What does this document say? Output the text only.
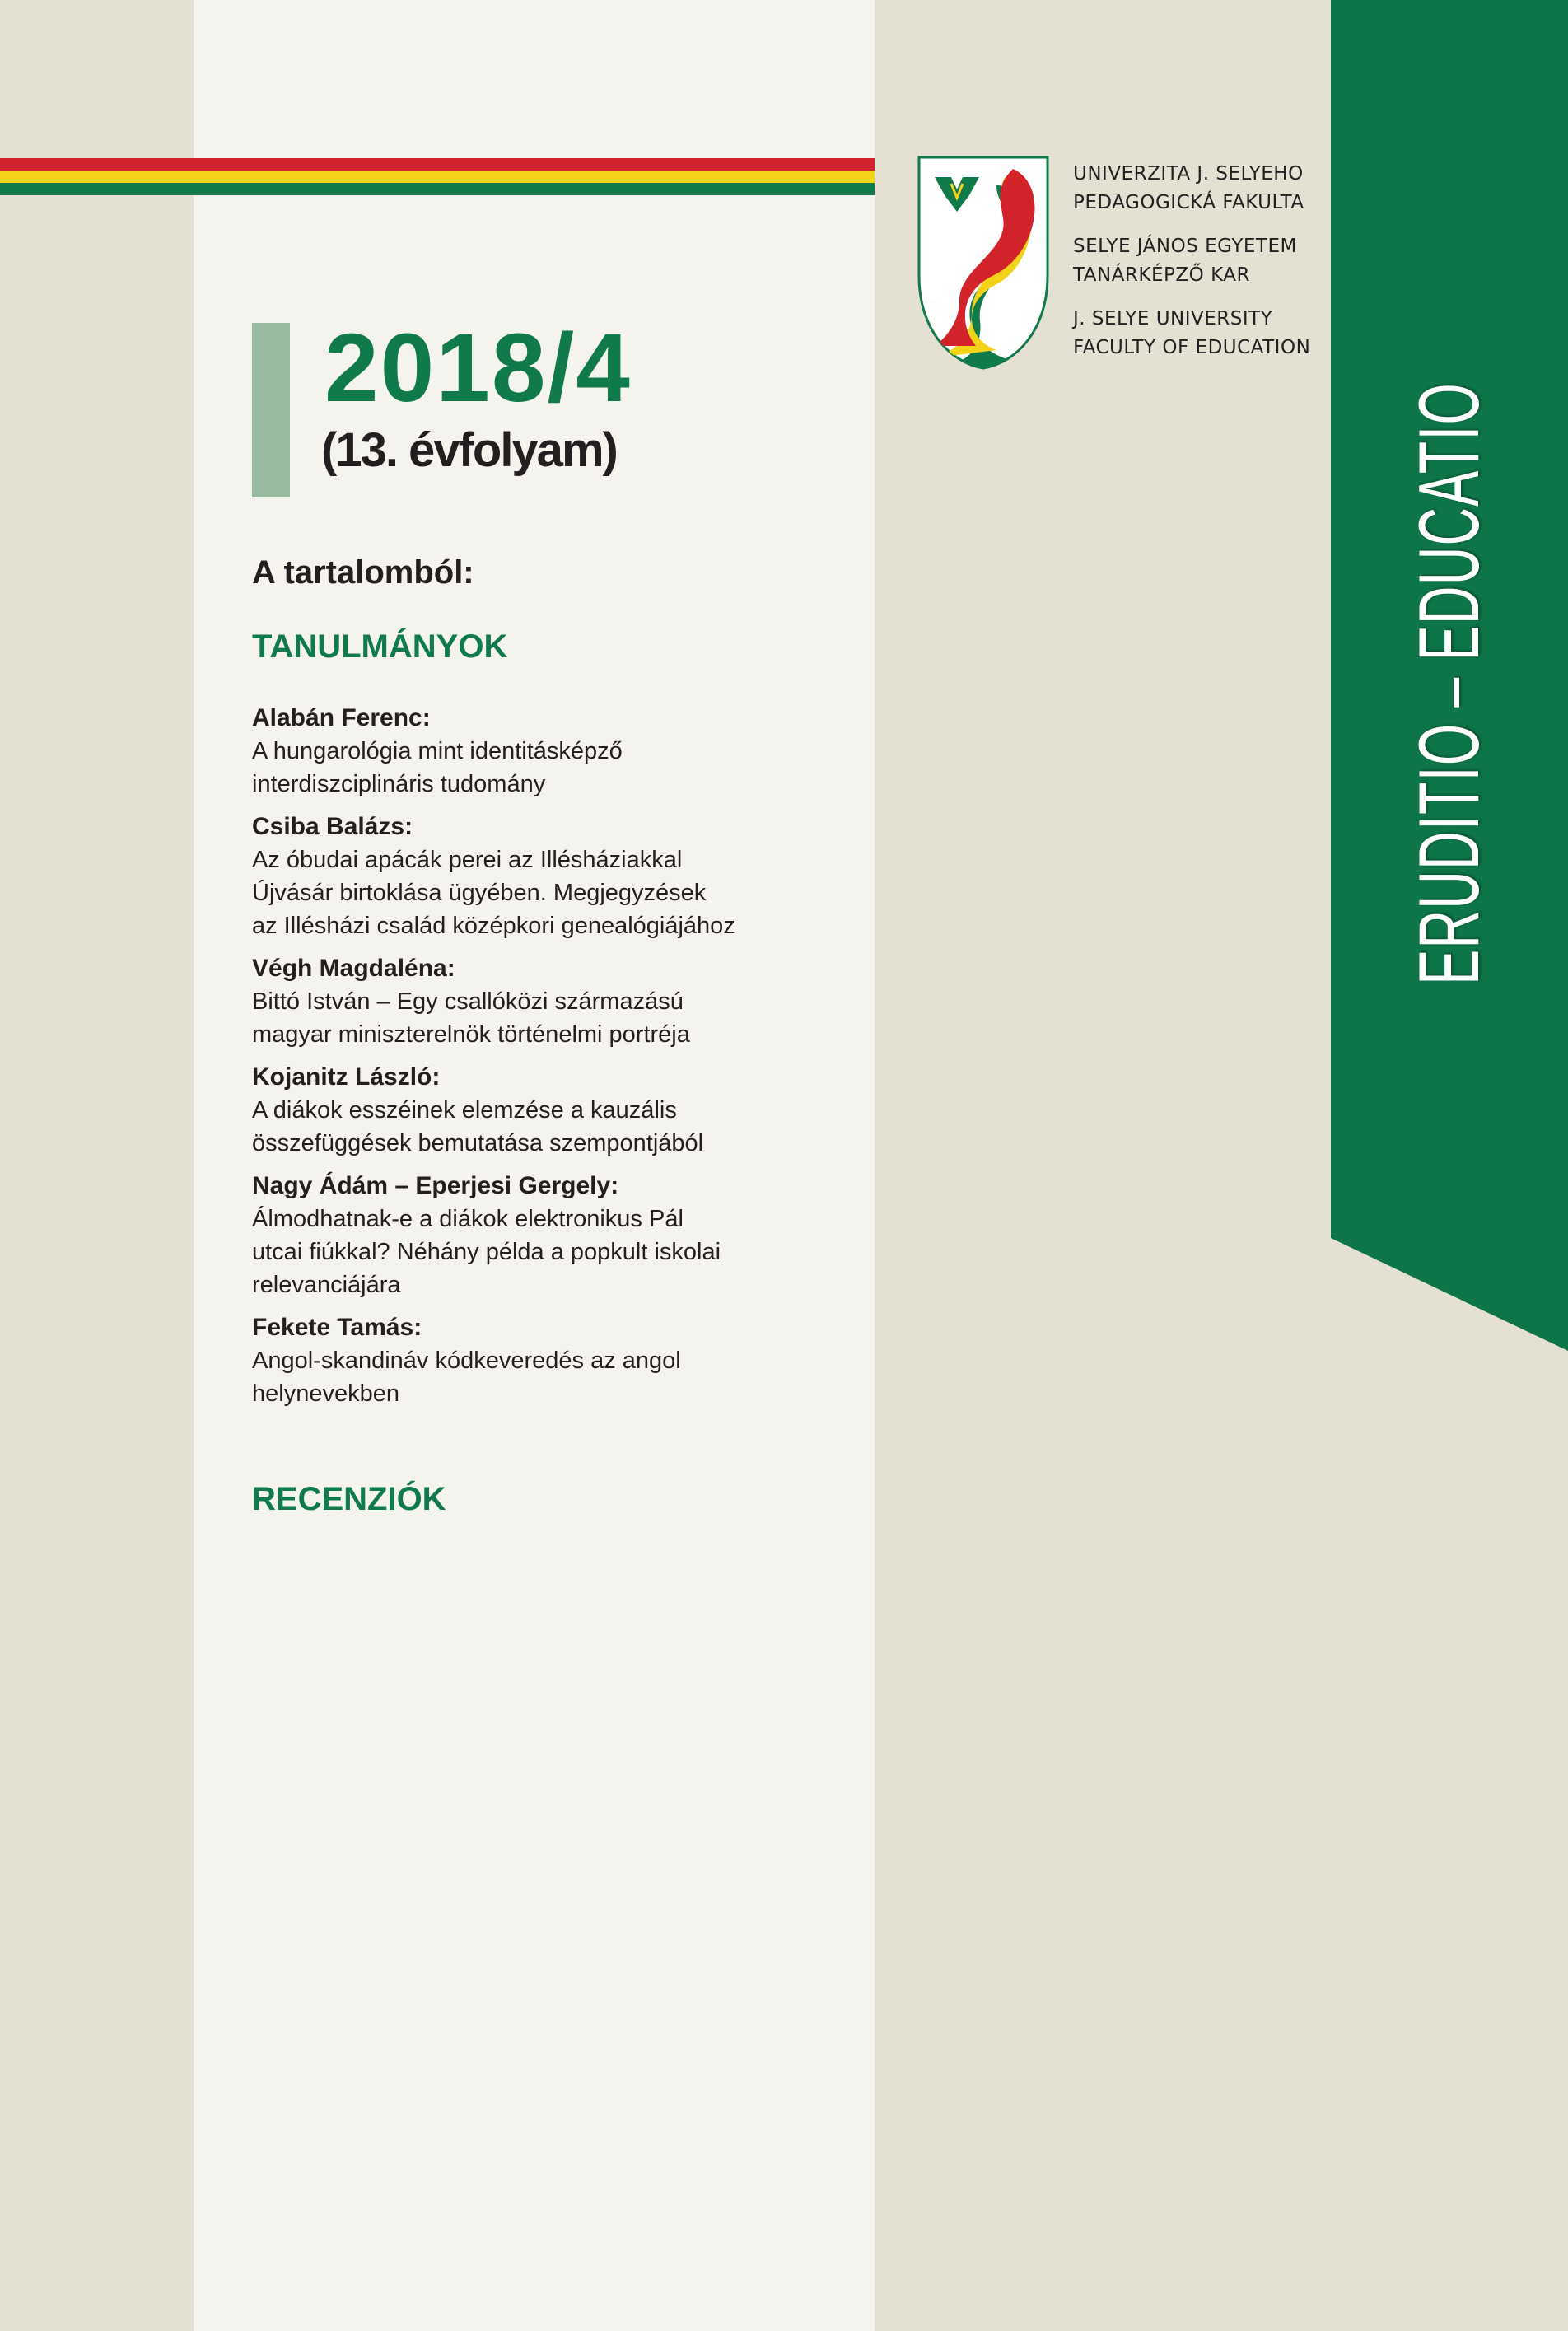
2018/4
(13. évfolyam)
A tartalomból:
TANULMÁNYOK
Alabán Ferenc:
A hungarológia mint identitásképző
interdiszciplináris tudomány
Csiba Balázs:
Az óbudai apácák perei az Illésháziakkal
Újvásár birtoklása ügyében. Megjegyzések
az Illésházi család középkori genealógiájához
Végh Magdaléna:
Bittó István – Egy csallóközi származású
magyar miniszterelnök történelmi portréja
Kojanitz László:
A diákok esszéinek elemzése a kauzális
összefüggések bemutatása szempontjából
Nagy Ádám – Eperjesi Gergely:
Álmodhatnak-e a diákok elektronikus Pál
utcai fiúkkal? Néhány példa a popkult iskolai
relevanciájára
Fekete Tamás:
Angol-skandináv kódkeveredés az angol
helynevekben
RECENZIÓK
UNIVERZITA J. SELYEHO
PEDAGOGICKÁ FAKULTA
SELYE JÁNOS EGYETEM
TANÁRKÉPZŐ KAR
J. SELYE UNIVERSITY
FACULTY OF EDUCATION
ERUDITIO – EDUCATIO
